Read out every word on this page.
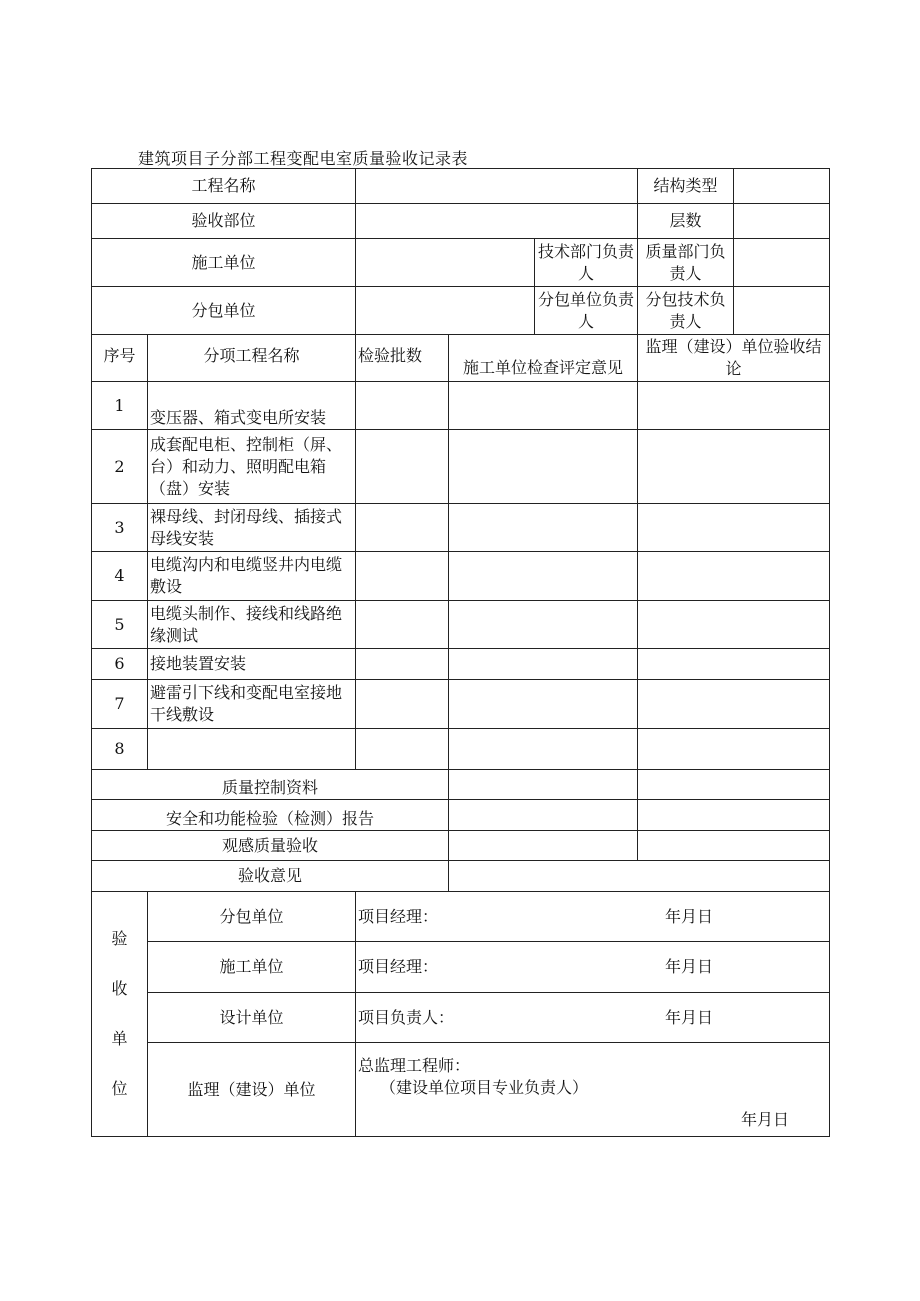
建筑项目子分部工程变配电室质量验收记录表
工程名称					结构类型	
验收部位					层数	
施工单位				技术部门负责人	质量部门负责人	
分包单位				分包单位负责人	分包技术负责人	
序号	分项工程名称	检验批数	施工单位检查评定意见		监理（建设）单位验收结论	
1	变压器、箱式变电所安装					
2	成套配电柜、控制柜（屏、台）和动力、照明配电箱（盘）安装					
3	裸母线、封闭母线、插接式母线安装					
4	电缆沟内和电缆竖井内电缆敷设					
5	电缆头制作、接线和线路绝缘测试					
6	接地装置安装					
7	避雷引下线和变配电室接地干线敷设					
8						
质量控制资料						
安全和功能检验（检测）报告						
观感质量验收						
验收意见						

验
收
单
位	分包单位	项目经理： 年月日				

	施工单位	项目经理： 年月日				

	设计单位	项目负责人： 年月日				

	监理（建设）单位	总监理工程师：
（建设单位项目专业负责人）
年月日				
